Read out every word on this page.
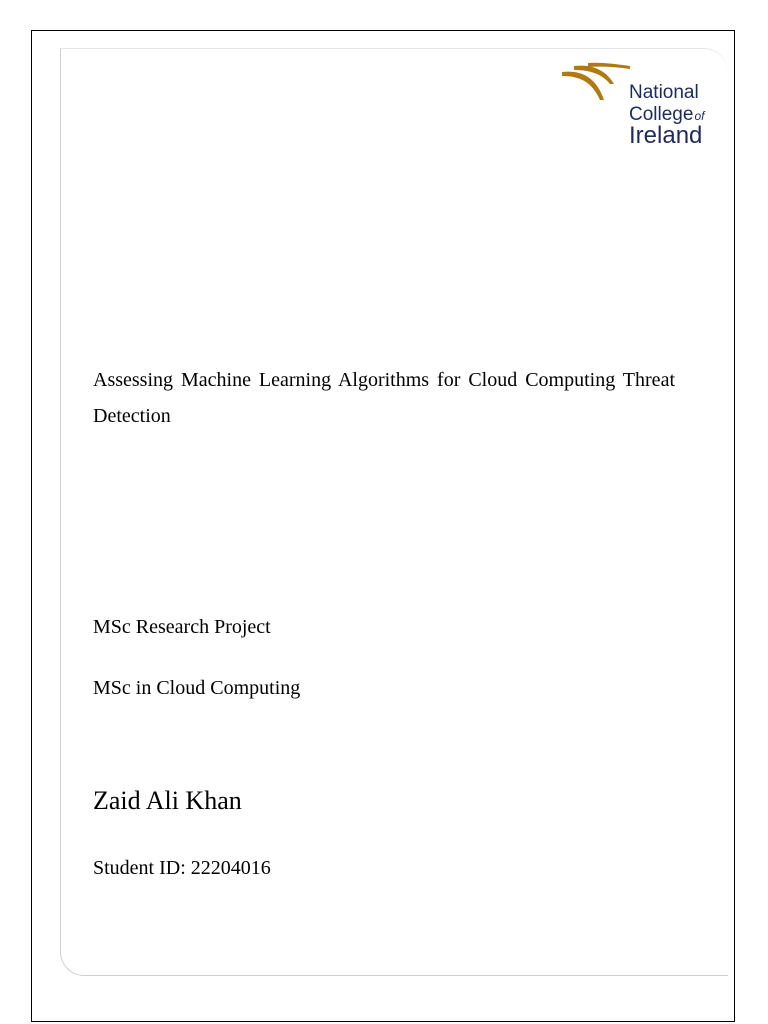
National
Collegeof
Ireland
Assessing Machine Learning Algorithms for Cloud Computing Threat Detection
MSc Research Project
MSc in Cloud Computing
Zaid Ali Khan
Student ID: 22204016
